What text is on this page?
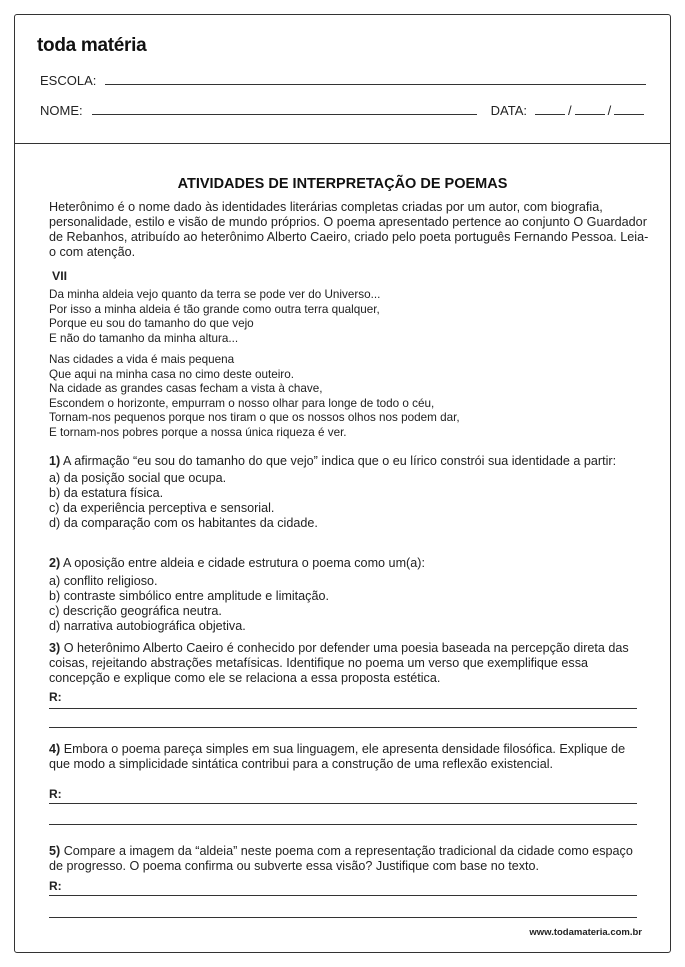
toda matéria
ESCOLA:
NOME:	DATA:	/	/
ATIVIDADES DE INTERPRETAÇÃO DE POEMAS
Heterônimo é o nome dado às identidades literárias completas criadas por um autor, com biografia, personalidade, estilo e visão de mundo próprios. O poema apresentado pertence ao conjunto O Guardador de Rebanhos, atribuído ao heterônimo Alberto Caeiro, criado pelo poeta português Fernando Pessoa. Leia-o com atenção.
VII
Da minha aldeia vejo quanto da terra se pode ver do Universo...
Por isso a minha aldeia é tão grande como outra terra qualquer,
Porque eu sou do tamanho do que vejo
E não do tamanho da minha altura...
Nas cidades a vida é mais pequena
Que aqui na minha casa no cimo deste outeiro.
Na cidade as grandes casas fecham a vista à chave,
Escondem o horizonte, empurram o nosso olhar para longe de todo o céu,
Tornam-nos pequenos porque nos tiram o que os nossos olhos nos podem dar,
E tornam-nos pobres porque a nossa única riqueza é ver.
1) A afirmação “eu sou do tamanho do que vejo” indica que o eu lírico constrói sua identidade a partir:
a) da posição social que ocupa.
b) da estatura física.
c) da experiência perceptiva e sensorial.
d) da comparação com os habitantes da cidade.
2) A oposição entre aldeia e cidade estrutura o poema como um(a):
a) conflito religioso.
b) contraste simbólico entre amplitude e limitação.
c) descrição geográfica neutra.
d) narrativa autobiográfica objetiva.
3) O heterônimo Alberto Caeiro é conhecido por defender uma poesia baseada na percepção direta das coisas, rejeitando abstrações metafísicas. Identifique no poema um verso que exemplifique essa concepção e explique como ele se relaciona a essa proposta estética.
R:
4) Embora o poema pareça simples em sua linguagem, ele apresenta densidade filosófica. Explique de que modo a simplicidade sintática contribui para a construção de uma reflexão existencial.
R:
5) Compare a imagem da “aldeia” neste poema com a representação tradicional da cidade como espaço de progresso. O poema confirma ou subverte essa visão? Justifique com base no texto.
R:
www.todamateria.com.br
